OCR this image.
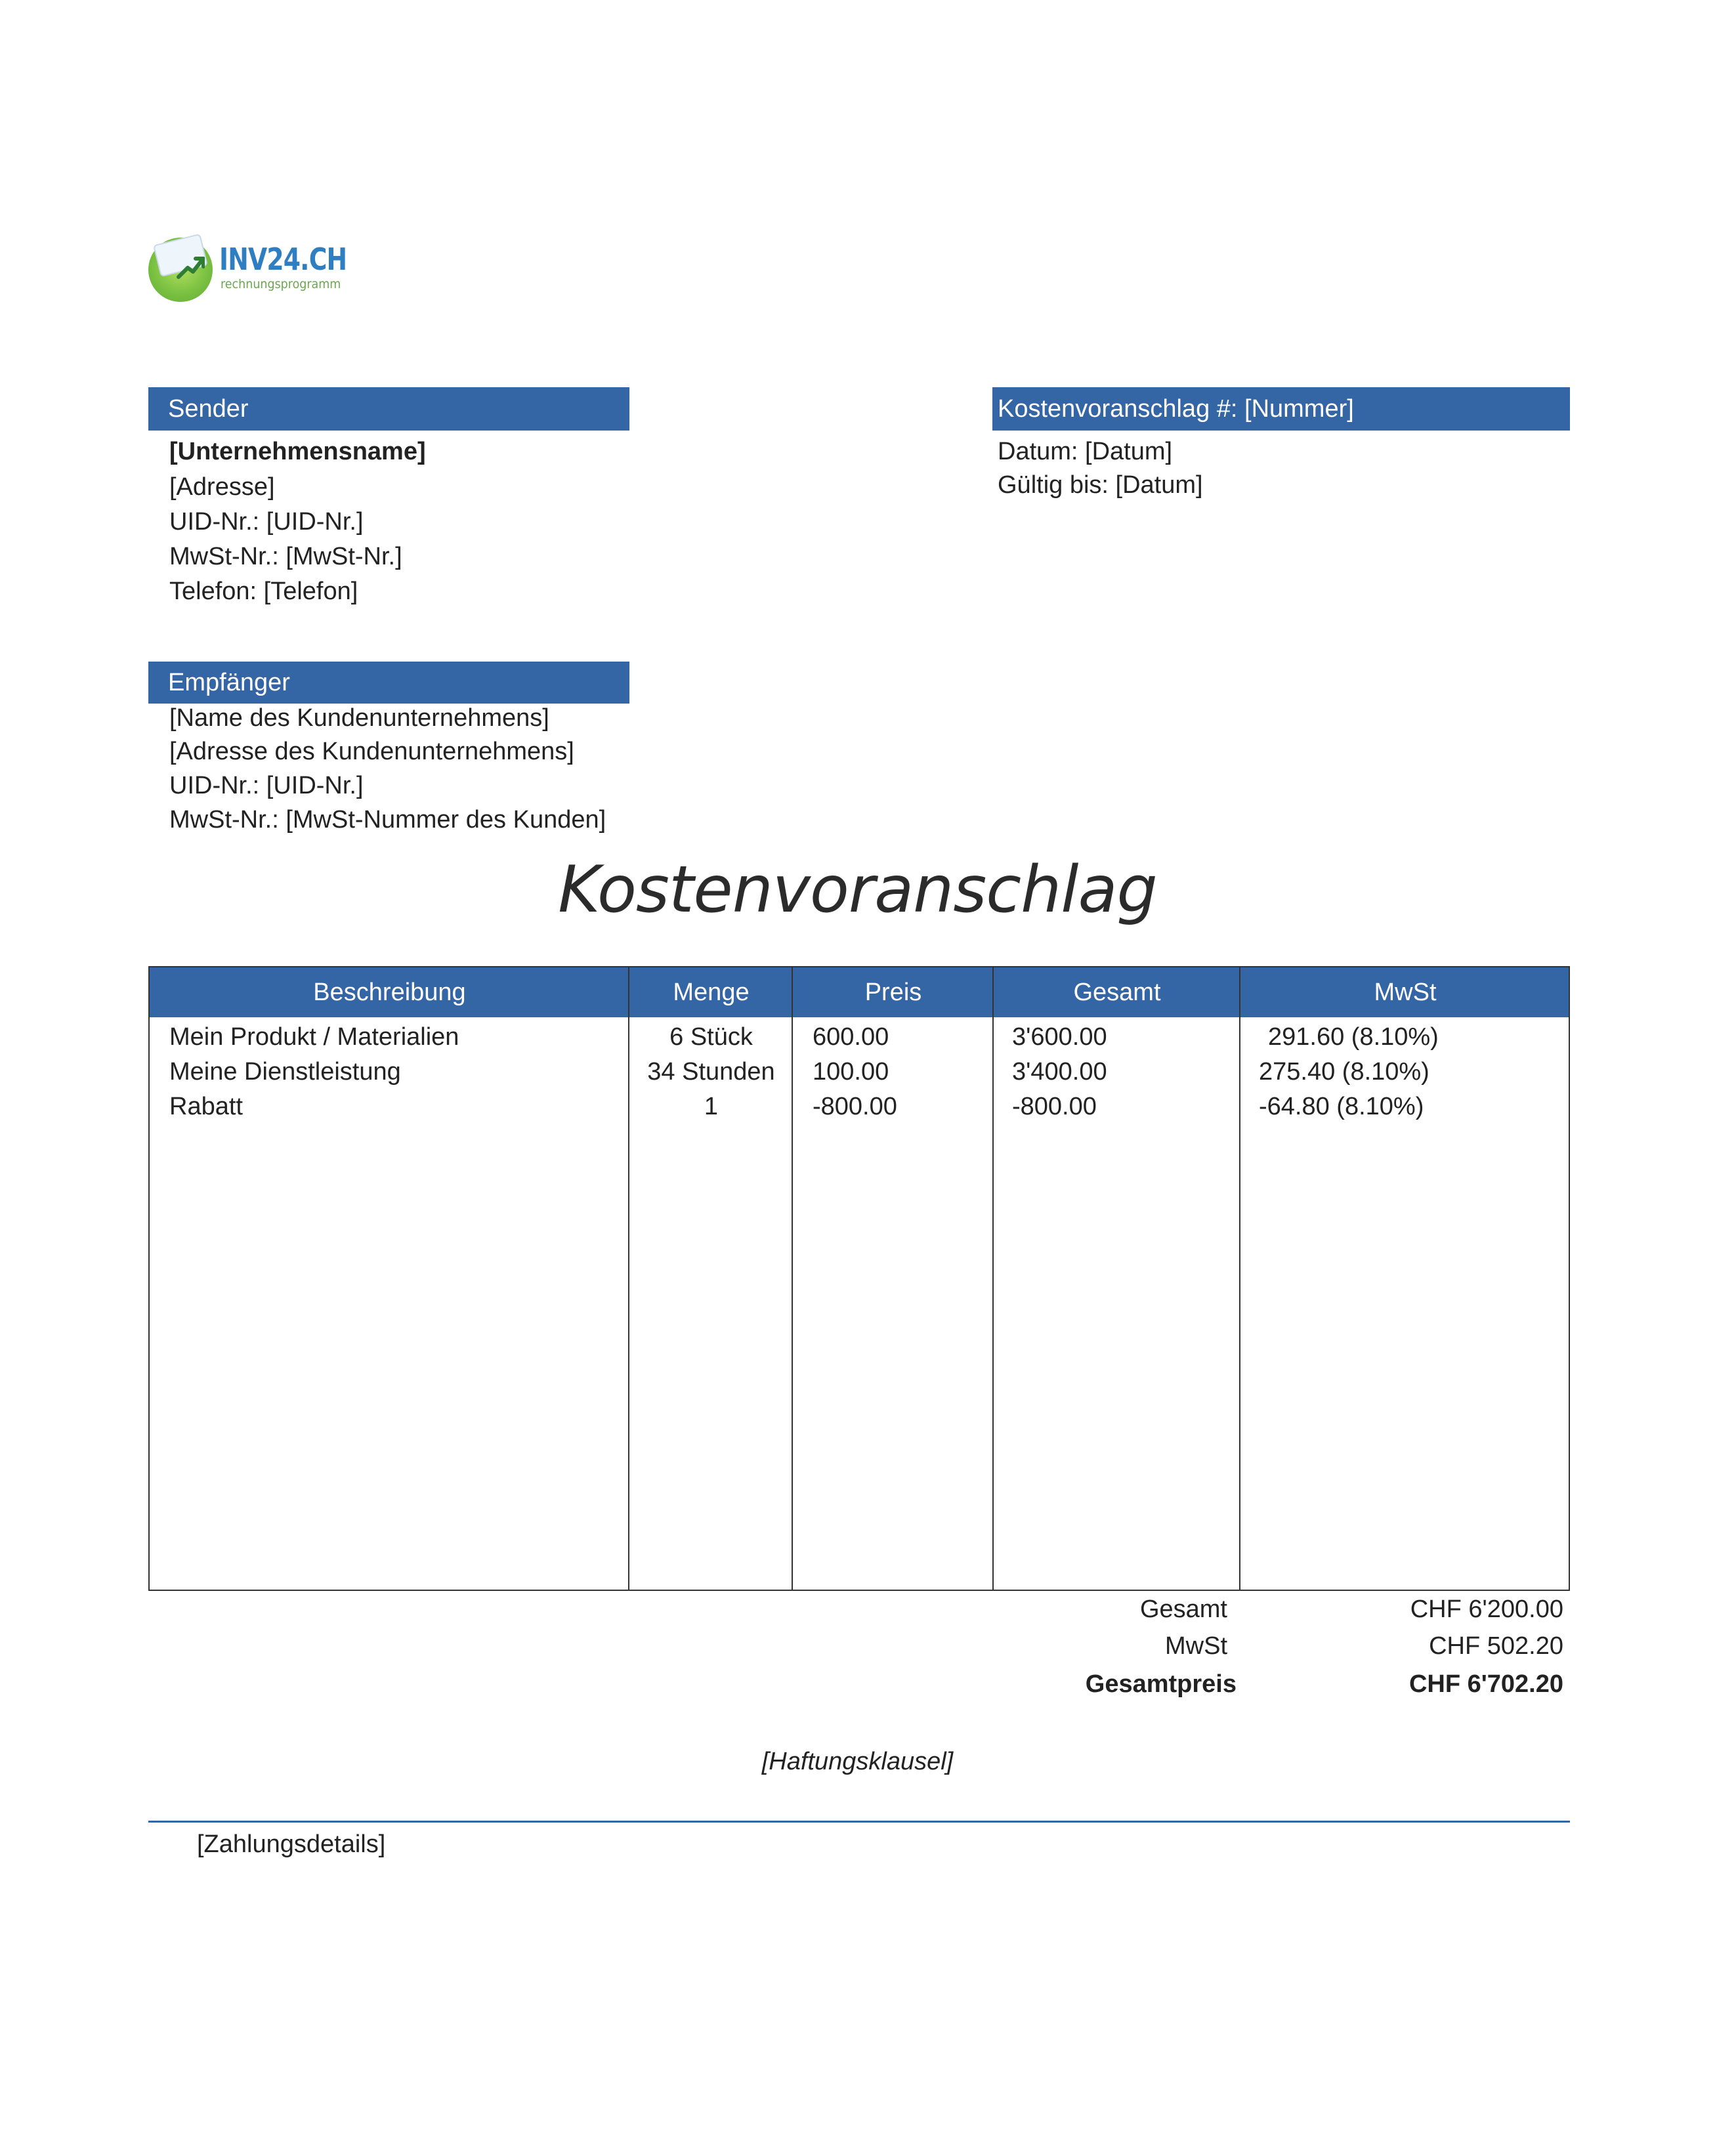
INV24.CH
rechnungsprogramm
Sender
[Unternehmensname]
[Adresse]
UID-Nr.: [UID-Nr.]
MwSt-Nr.: [MwSt-Nr.]
Telefon: [Telefon]
Kostenvoranschlag #: [Nummer]
Datum: [Datum]
Gültig bis: [Datum]
Empfänger
[Name des Kundenunternehmens]
[Adresse des Kundenunternehmens]
UID-Nr.: [UID-Nr.]
MwSt-Nr.: [MwSt-Nummer des Kunden]
Kostenvoranschlag
Beschreibung	Menge	Preis	Gesamt	MwSt
Mein Produkt / Materialien	6 Stück	600.00	3'600.00	291.60 (8.10%)
Meine Dienstleistung	34 Stunden	100.00	3'400.00	275.40 (8.10%)
Rabatt	1	-800.00	-800.00	-64.80 (8.10%)
Gesamt	CHF 6'200.00
MwSt	CHF 502.20
Gesamtpreis	CHF 6'702.20
[Haftungsklausel]
[Zahlungsdetails]
